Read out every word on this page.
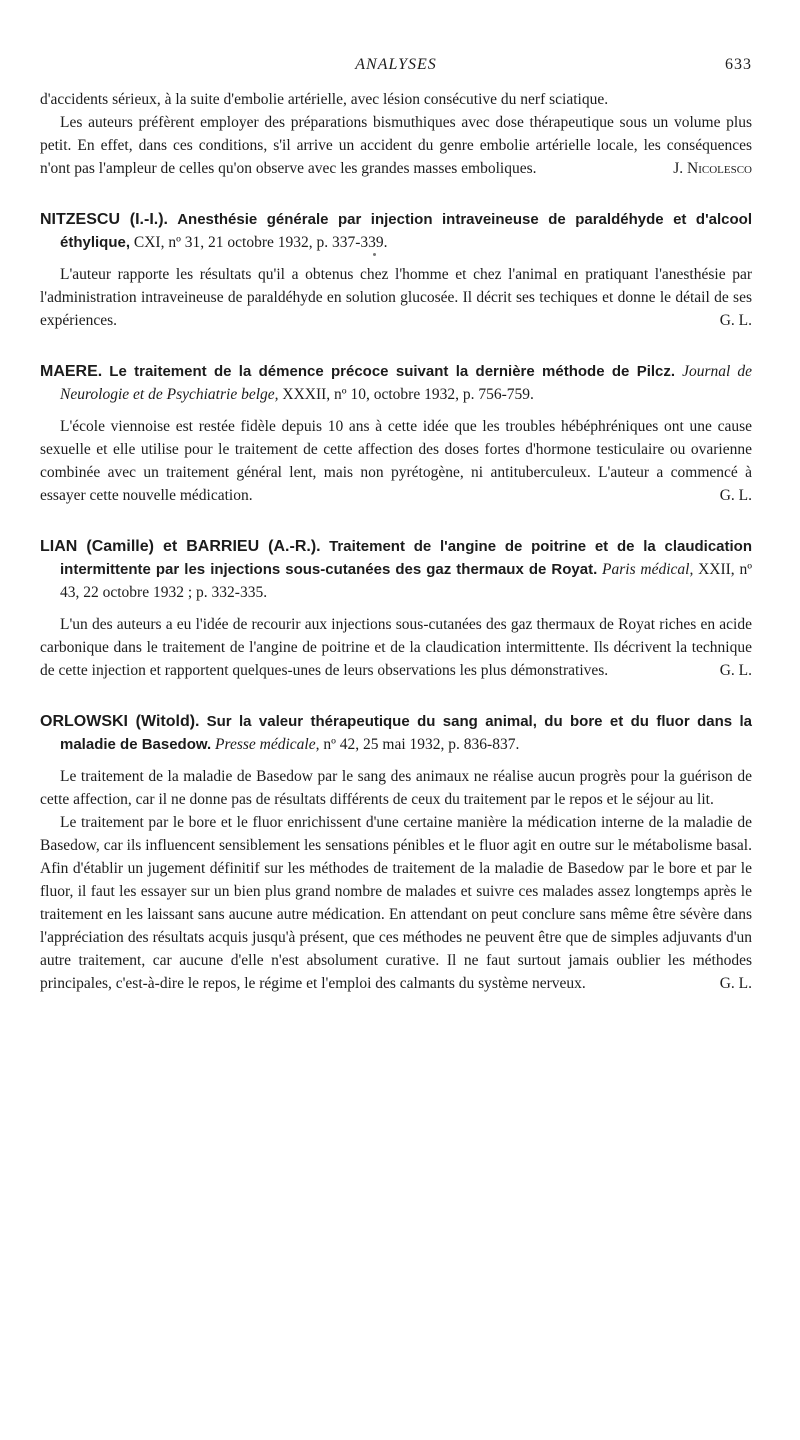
ANALYSES	633

d'accidents sérieux, à la suite d'embolie artérielle, avec lésion consécutive du nerf sciatique.

Les auteurs préfèrent employer des préparations bismuthiques avec dose thérapeutique sous un volume plus petit. En effet, dans ces conditions, s'il arrive un accident du genre embolie artérielle locale, les conséquences n'ont pas l'ampleur de celles qu'on observe avec les grandes masses emboliques.	J. Nicolesco

NITZESCU (I.-I.). Anesthésie générale par injection intraveineuse de paraldéhyde et d'alcool éthylique, CXI, nº 31, 21 octobre 1932, p. 337-339.

L'auteur rapporte les résultats qu'il a obtenus chez l'homme et chez l'animal en pratiquant l'anesthésie par l'administration intraveineuse de paraldéhyde en solution glucosée. Il décrit ses techiques et donne le détail de ses expériences.	G. L.

MAERE. Le traitement de la démence précoce suivant la dernière méthode de Pilcz. Journal de Neurologie et de Psychiatrie belge, XXXII, nº 10, octobre 1932, p. 756-759.

L'école viennoise est restée fidèle depuis 10 ans à cette idée que les troubles hébéphréniques ont une cause sexuelle et elle utilise pour le traitement de cette affection des doses fortes d'hormone testiculaire ou ovarienne combinée avec un traitement général lent, mais non pyrétogène, ni antituberculeux. L'auteur a commencé à essayer cette nouvelle médication.	G. L.

LIAN (Camille) et BARRIEU (A.-R.). Traitement de l'angine de poitrine et de la claudication intermittente par les injections sous-cutanées des gaz thermaux de Royat. Paris médical, XXII, nº 43, 22 octobre 1932 ; p. 332-335.

L'un des auteurs a eu l'idée de recourir aux injections sous-cutanées des gaz thermaux de Royat riches en acide carbonique dans le traitement de l'angine de poitrine et de la claudication intermittente. Ils décrivent la technique de cette injection et rapportent quelques-unes de leurs observations les plus démonstratives.	G. L.

ORLOWSKI (Witold). Sur la valeur thérapeutique du sang animal, du bore et du fluor dans la maladie de Basedow. Presse médicale, nº 42, 25 mai 1932, p. 836-837.

Le traitement de la maladie de Basedow par le sang des animaux ne réalise aucun progrès pour la guérison de cette affection, car il ne donne pas de résultats différents de ceux du traitement par le repos et le séjour au lit.

Le traitement par le bore et le fluor enrichissent d'une certaine manière la médication interne de la maladie de Basedow, car ils influencent sensiblement les sensations pénibles et le fluor agit en outre sur le métabolisme basal. Afin d'établir un jugement définitif sur les méthodes de traitement de la maladie de Basedow par le bore et par le fluor, il faut les essayer sur un bien plus grand nombre de malades et suivre ces malades assez longtemps après le traitement en les laissant sans aucune autre médication. En attendant on peut conclure sans même être sévère dans l'appréciation des résultats acquis jusqu'à présent, que ces méthodes ne peuvent être que de simples adjuvants d'un autre traitement, car aucune d'elle n'est absolument curative. Il ne faut surtout jamais oublier les méthodes principales, c'est-à-dire le repos, le régime et l'emploi des calmants du système nerveux.	G. L.
